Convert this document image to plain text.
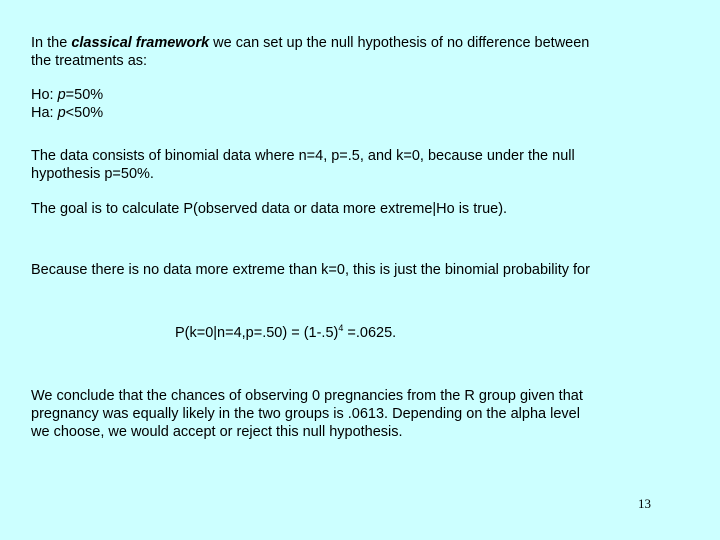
In the classical framework we can set up the null hypothesis of no difference between
the treatments as:
Ho: p=50%
Ha: p<50%
The data consists of binomial data where n=4, p=.5, and k=0, because under the null
hypothesis p=50%.
The goal is to calculate P(observed data or data more extreme|Ho is true).
Because there is no data more extreme than k=0, this is just the binomial probability for
$P(k=0|n=4,p=.50) = (1-.5)^4 =.0625$.
We conclude that the chances of observing 0 pregnancies from the R group given that
pregnancy was equally likely in the two groups is .0613. Depending on the alpha level
we choose, we would accept or reject this null hypothesis.
13
